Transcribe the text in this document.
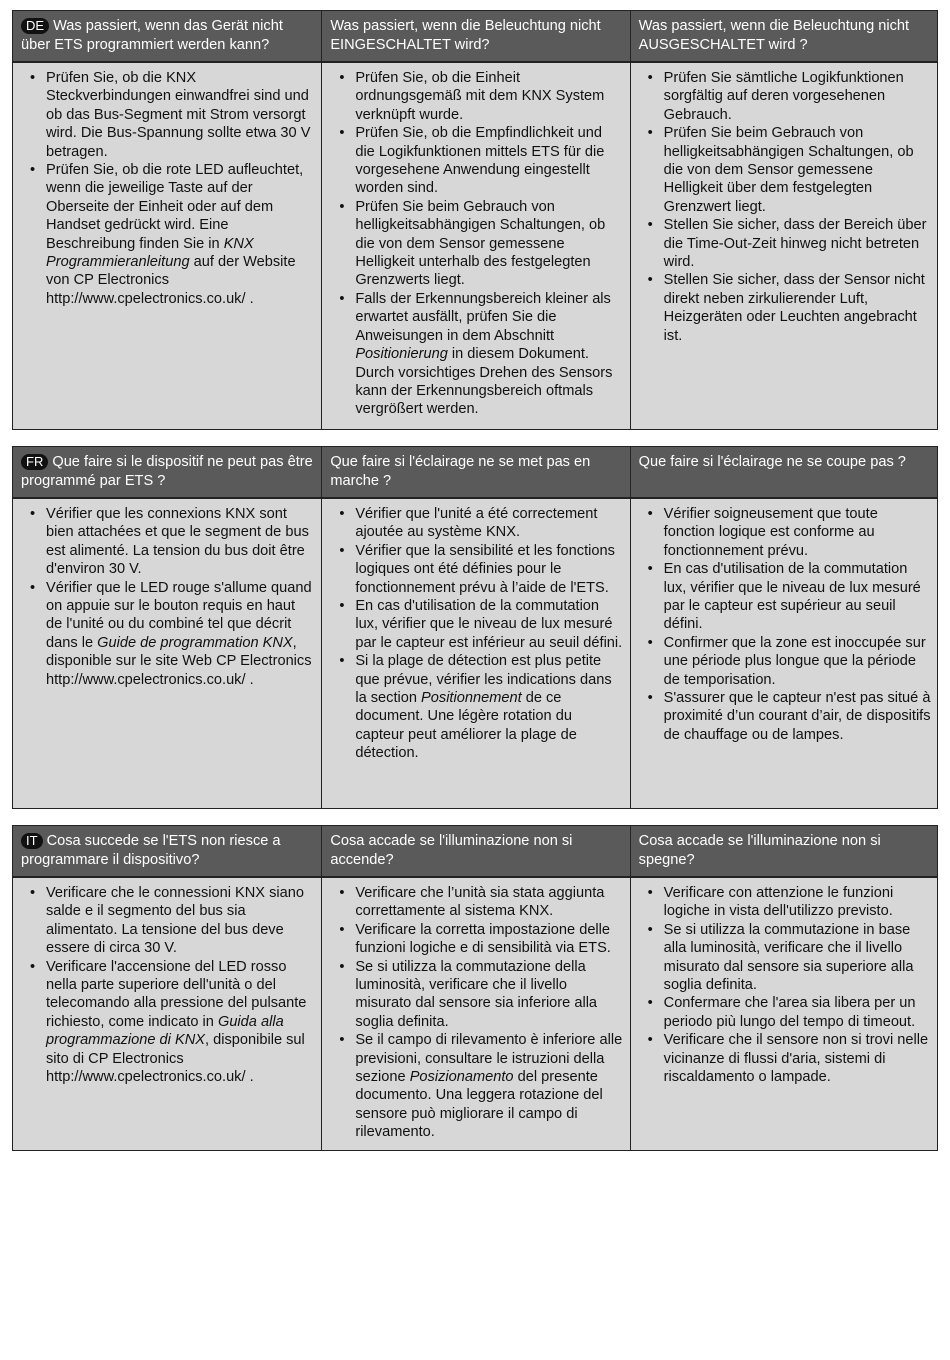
DE Was passiert, wenn das Gerät nicht über ETS programmiert werden kann?
Was passiert, wenn die Beleuchtung nicht EINGESCHALTET wird?
Was passiert, wenn die Beleuchtung nicht AUSGESCHALTET wird ?
• Prüfen Sie, ob die KNX Steckverbindungen einwandfrei sind und ob das Bus-Segment mit Strom versorgt wird. Die Bus-Spannung sollte etwa 30 V betragen.
• Prüfen Sie, ob die rote LED aufleuchtet, wenn die jeweilige Taste auf der Oberseite der Einheit oder auf dem Handset gedrückt wird. Eine Beschreibung finden Sie in KNX Programmieranleitung auf der Website von CP Electronics http://www.cpelectronics.co.uk/ .
• Prüfen Sie, ob die Einheit ordnungsgemäß mit dem KNX System verknüpft wurde.
• Prüfen Sie, ob die Empfindlichkeit und die Logikfunktionen mittels ETS für die vorgesehene Anwendung eingestellt worden sind.
• Prüfen Sie beim Gebrauch von helligkeitsabhängigen Schaltungen, ob die von dem Sensor gemessene Helligkeit unterhalb des festgelegten Grenzwerts liegt.
• Falls der Erkennungsbereich kleiner als erwartet ausfällt, prüfen Sie die Anweisungen in dem Abschnitt Positionierung in diesem Dokument. Durch vorsichtiges Drehen des Sensors kann der Erkennungsbereich oftmals vergrößert werden.
• Prüfen Sie sämtliche Logikfunktionen sorgfältig auf deren vorgesehenen Gebrauch.
• Prüfen Sie beim Gebrauch von helligkeitsabhängigen Schaltungen, ob die von dem Sensor gemessene Helligkeit über dem festgelegten Grenzwert liegt.
• Stellen Sie sicher, dass der Bereich über die Time-Out-Zeit hinweg nicht betreten wird.
• Stellen Sie sicher, dass der Sensor nicht direkt neben zirkulierender Luft, Heizgeräten oder Leuchten angebracht ist.
FR Que faire si le dispositif ne peut pas être programmé par ETS ?
Que faire si l'éclairage ne se met pas en marche ?
Que faire si l'éclairage ne se coupe pas ?
• Vérifier que les connexions KNX sont bien attachées et que le segment de bus est alimenté. La tension du bus doit être d'environ 30 V.
• Vérifier que le LED rouge s'allume quand on appuie sur le bouton requis en haut de l'unité ou du combiné tel que décrit dans le Guide de programmation KNX, disponible sur le site Web CP Electronics http://www.cpelectronics.co.uk/ .
• Vérifier que l'unité a été correctement ajoutée au système KNX.
• Vérifier que la sensibilité et les fonctions logiques ont été définies pour le fonctionnement prévu à l’aide de l'ETS.
• En cas d'utilisation de la commutation lux, vérifier que le niveau de lux mesuré par le capteur est inférieur au seuil défini.
• Si la plage de détection est plus petite que prévue, vérifier les indications dans la section Positionnement de ce document. Une légère rotation du capteur peut améliorer la plage de détection.
• Vérifier soigneusement que toute fonction logique est conforme au fonctionnement prévu.
• En cas d'utilisation de la commutation lux, vérifier que le niveau de lux mesuré par le capteur est supérieur au seuil défini.
• Confirmer que la zone est inoccupée sur une période plus longue que la période de temporisation.
• S'assurer que le capteur n'est pas situé à proximité d’un courant d’air, de dispositifs de chauffage ou de lampes.
IT Cosa succede se l'ETS non riesce a programmare il dispositivo?
Cosa accade se l'illuminazione non si accende?
Cosa accade se l'illuminazione non si spegne?
• Verificare che le connessioni KNX siano salde e il segmento del bus sia alimentato. La tensione del bus deve essere di circa 30 V.
• Verificare l'accensione del LED rosso nella parte superiore dell'unità o del telecomando alla pressione del pulsante richiesto, come indicato in Guida alla programmazione di KNX, disponibile sul sito di CP Electronics http://www.cpelectronics.co.uk/ .
• Verificare che l’unità sia stata aggiunta correttamente al sistema KNX.
• Verificare la corretta impostazione delle funzioni logiche e di sensibilità via ETS.
• Se si utilizza la commutazione della luminosità, verificare che il livello misurato dal sensore sia inferiore alla soglia definita.
• Se il campo di rilevamento è inferiore alle previsioni, consultare le istruzioni della sezione Posizionamento del presente documento. Una leggera rotazione del sensore può migliorare il campo di rilevamento.
• Verificare con attenzione le funzioni logiche in vista dell'utilizzo previsto.
• Se si utilizza la commutazione in base alla luminosità, verificare che il livello misurato dal sensore sia superiore alla soglia definita.
• Confermare che l'area sia libera per un periodo più lungo del tempo di timeout.
• Verificare che il sensore non si trovi nelle vicinanze di flussi d'aria, sistemi di riscaldamento o lampade.
